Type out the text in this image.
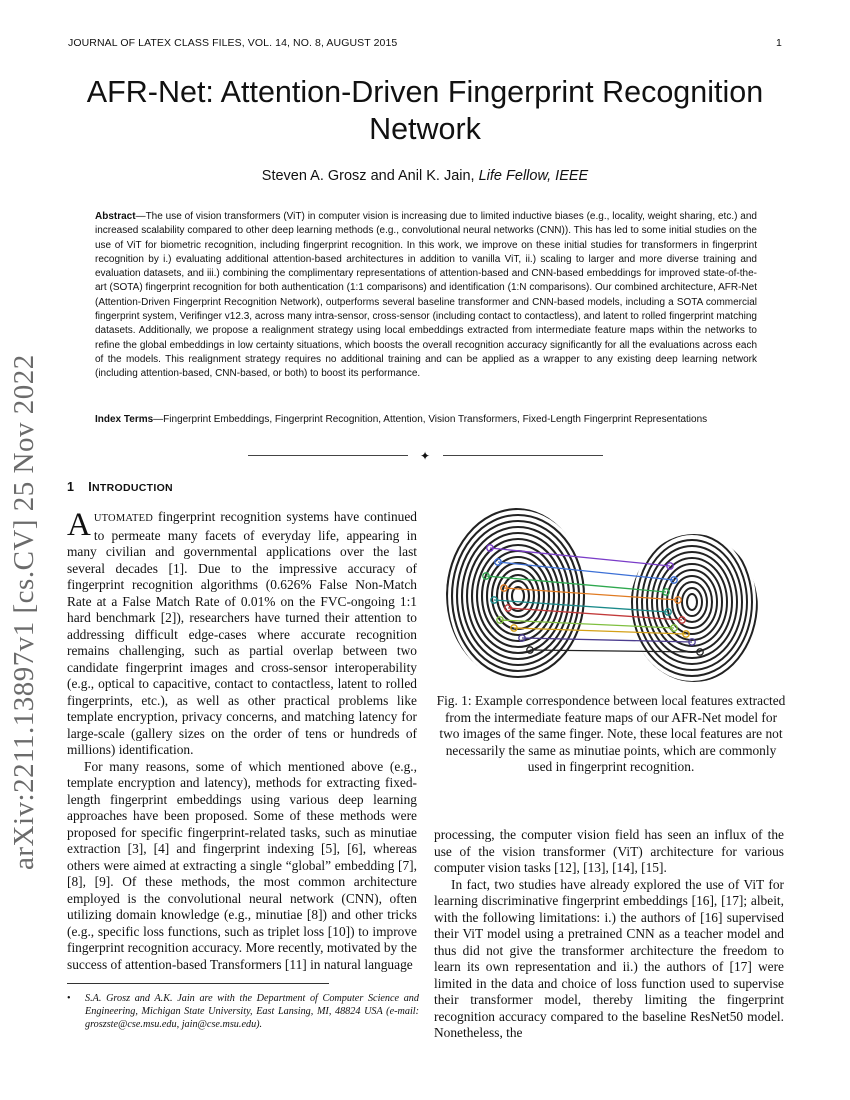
JOURNAL OF LATEX CLASS FILES, VOL. 14, NO. 8, AUGUST 2015	1
arXiv:2211.13897v1 [cs.CV] 25 Nov 2022
AFR-Net: Attention-Driven Fingerprint Recognition Network
Steven A. Grosz and Anil K. Jain, Life Fellow, IEEE
Abstract—The use of vision transformers (ViT) in computer vision is increasing due to limited inductive biases (e.g., locality, weight sharing, etc.) and increased scalability compared to other deep learning methods (e.g., convolutional neural networks (CNN)). This has led to some initial studies on the use of ViT for biometric recognition, including fingerprint recognition. In this work, we improve on these initial studies for transformers in fingerprint recognition by i.) evaluating additional attention-based architectures in addition to vanilla ViT, ii.) scaling to larger and more diverse training and evaluation datasets, and iii.) combining the complimentary representations of attention-based and CNN-based embeddings for improved state-of-the-art (SOTA) fingerprint recognition for both authentication (1:1 comparisons) and identification (1:N comparisons). Our combined architecture, AFR-Net (Attention-Driven Fingerprint Recognition Network), outperforms several baseline transformer and CNN-based models, including a SOTA commercial fingerprint system, Verifinger v12.3, across many intra-sensor, cross-sensor (including contact to contactless), and latent to rolled fingerprint matching datasets. Additionally, we propose a realignment strategy using local embeddings extracted from intermediate feature maps within the networks to refine the global embeddings in low certainty situations, which boosts the overall recognition accuracy significantly for all the evaluations across each of the models. This realignment strategy requires no additional training and can be applied as a wrapper to any existing deep learning network (including attention-based, CNN-based, or both) to boost its performance.
Index Terms—Fingerprint Embeddings, Fingerprint Recognition, Attention, Vision Transformers, Fixed-Length Fingerprint Representations
✦
1 INTRODUCTION

AUTOMATED fingerprint recognition systems have continued to permeate many facets of everyday life, appearing in many civilian and governmental applications over the last several decades [1]. Due to the impressive accuracy of fingerprint recognition algorithms (0.626% False Non-Match Rate at a False Match Rate of 0.01% on the FVC-ongoing 1:1 hard benchmark [2]), researchers have turned their attention to addressing difficult edge-cases where accurate recognition remains challenging, such as partial overlap between two candidate fingerprint images and cross-sensor interoperability (e.g., optical to capacitive, contact to contactless, latent to rolled fingerprints, etc.), as well as other practical problems like template encryption, privacy concerns, and matching latency for large-scale (gallery sizes on the order of tens or hundreds of millions) identification.

For many reasons, some of which mentioned above (e.g., template encryption and latency), methods for extracting fixed-length fingerprint embeddings using various deep learning approaches have been proposed. Some of these methods were proposed for specific fingerprint-related tasks, such as minutiae extraction [3], [4] and fingerprint indexing [5], [6], whereas others were aimed at extracting a single “global” embedding [7], [8], [9]. Of these methods, the most common architecture employed is the convolutional neural network (CNN), often utilizing domain knowledge (e.g., minutiae [8]) and other tricks (e.g., specific loss functions, such as triplet loss [10]) to improve fingerprint recognition accuracy. More recently, motivated by the success of attention-based Transformers [11] in natural language

Fig. 1: Example correspondence between local features extracted from the intermediate feature maps of our AFR-Net model for two images of the same finger. Note, these local features are not necessarily the same as minutiae points, which are commonly used in fingerprint recognition.

processing, the computer vision field has seen an influx of the use of the vision transformer (ViT) architecture for various computer vision tasks [12], [13], [14], [15].

In fact, two studies have already explored the use of ViT for learning discriminative fingerprint embeddings [16], [17]; albeit, with the following limitations: i.) the authors of [16] supervised their ViT model using a pretrained CNN as a teacher model and thus did not give the transformer architecture the freedom to learn its own representation and ii.) the authors of [17] were limited in the data and choice of loss function used to supervise their transformer model, thereby limiting the fingerprint recognition accuracy compared to the baseline ResNet50 model. Nonetheless, the

• S.A. Grosz and A.K. Jain are with the Department of Computer Science and Engineering, Michigan State University, East Lansing, MI, 48824 USA (e-mail: groszste@cse.msu.edu, jain@cse.msu.edu).
